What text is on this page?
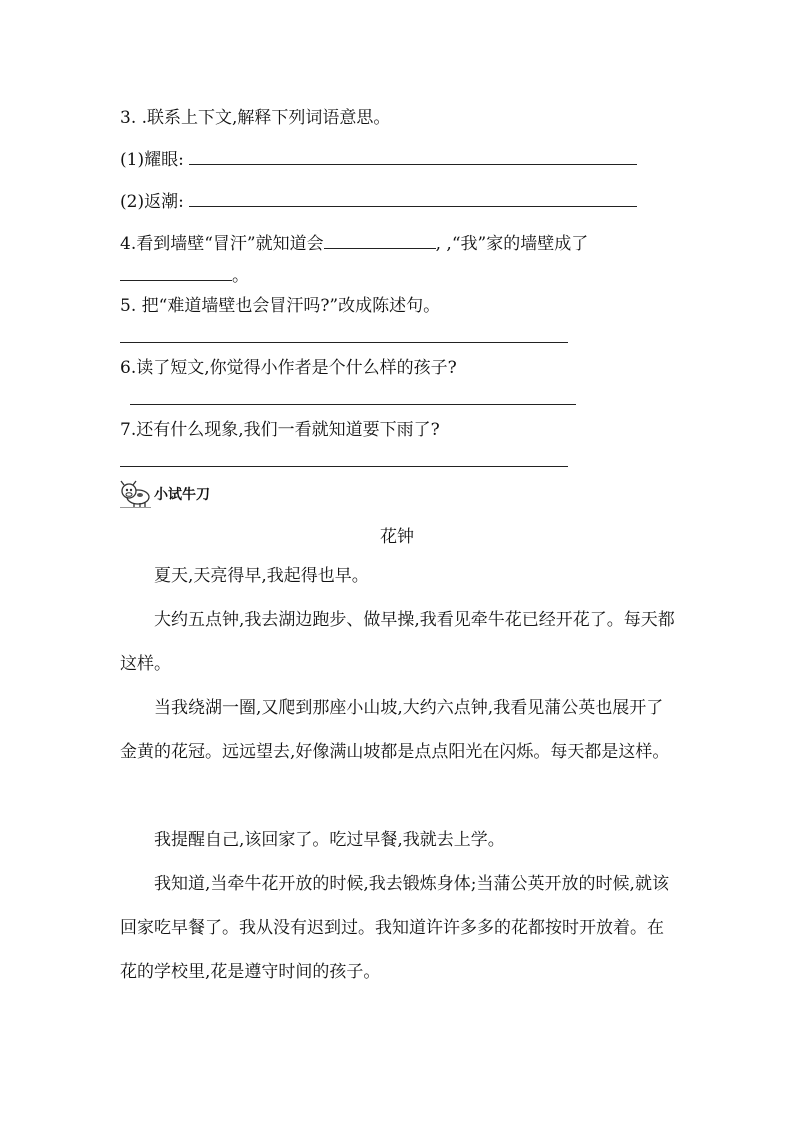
3. .联系上下文,解释下列词语意思。
(1)耀眼:
(2)返潮:
4.看到墙壁“冒汗”就知道会	, ,“我”家的墙壁成了
。
5. 把“难道墙壁也会冒汗吗?”改成陈述句。
6.读了短文,你觉得小作者是个什么样的孩子?
7.还有什么现象,我们一看就知道要下雨了?
小试牛刀
花钟

夏天,天亮得早,我起得也早。

大约五点钟,我去湖边跑步、做早操,我看见牵牛花已经开花了。每天都这样。

当我绕湖一圈,又爬到那座小山坡,大约六点钟,我看见蒲公英也展开了金黄的花冠。远远望去,好像满山坡都是点点阳光在闪烁。每天都是这样。

我提醒自己,该回家了。吃过早餐,我就去上学。

我知道,当牵牛花开放的时候,我去锻炼身体;当蒲公英开放的时候,就该回家吃早餐了。我从没有迟到过。我知道许许多多的花都按时开放着。在花的学校里,花是遵守时间的孩子。
